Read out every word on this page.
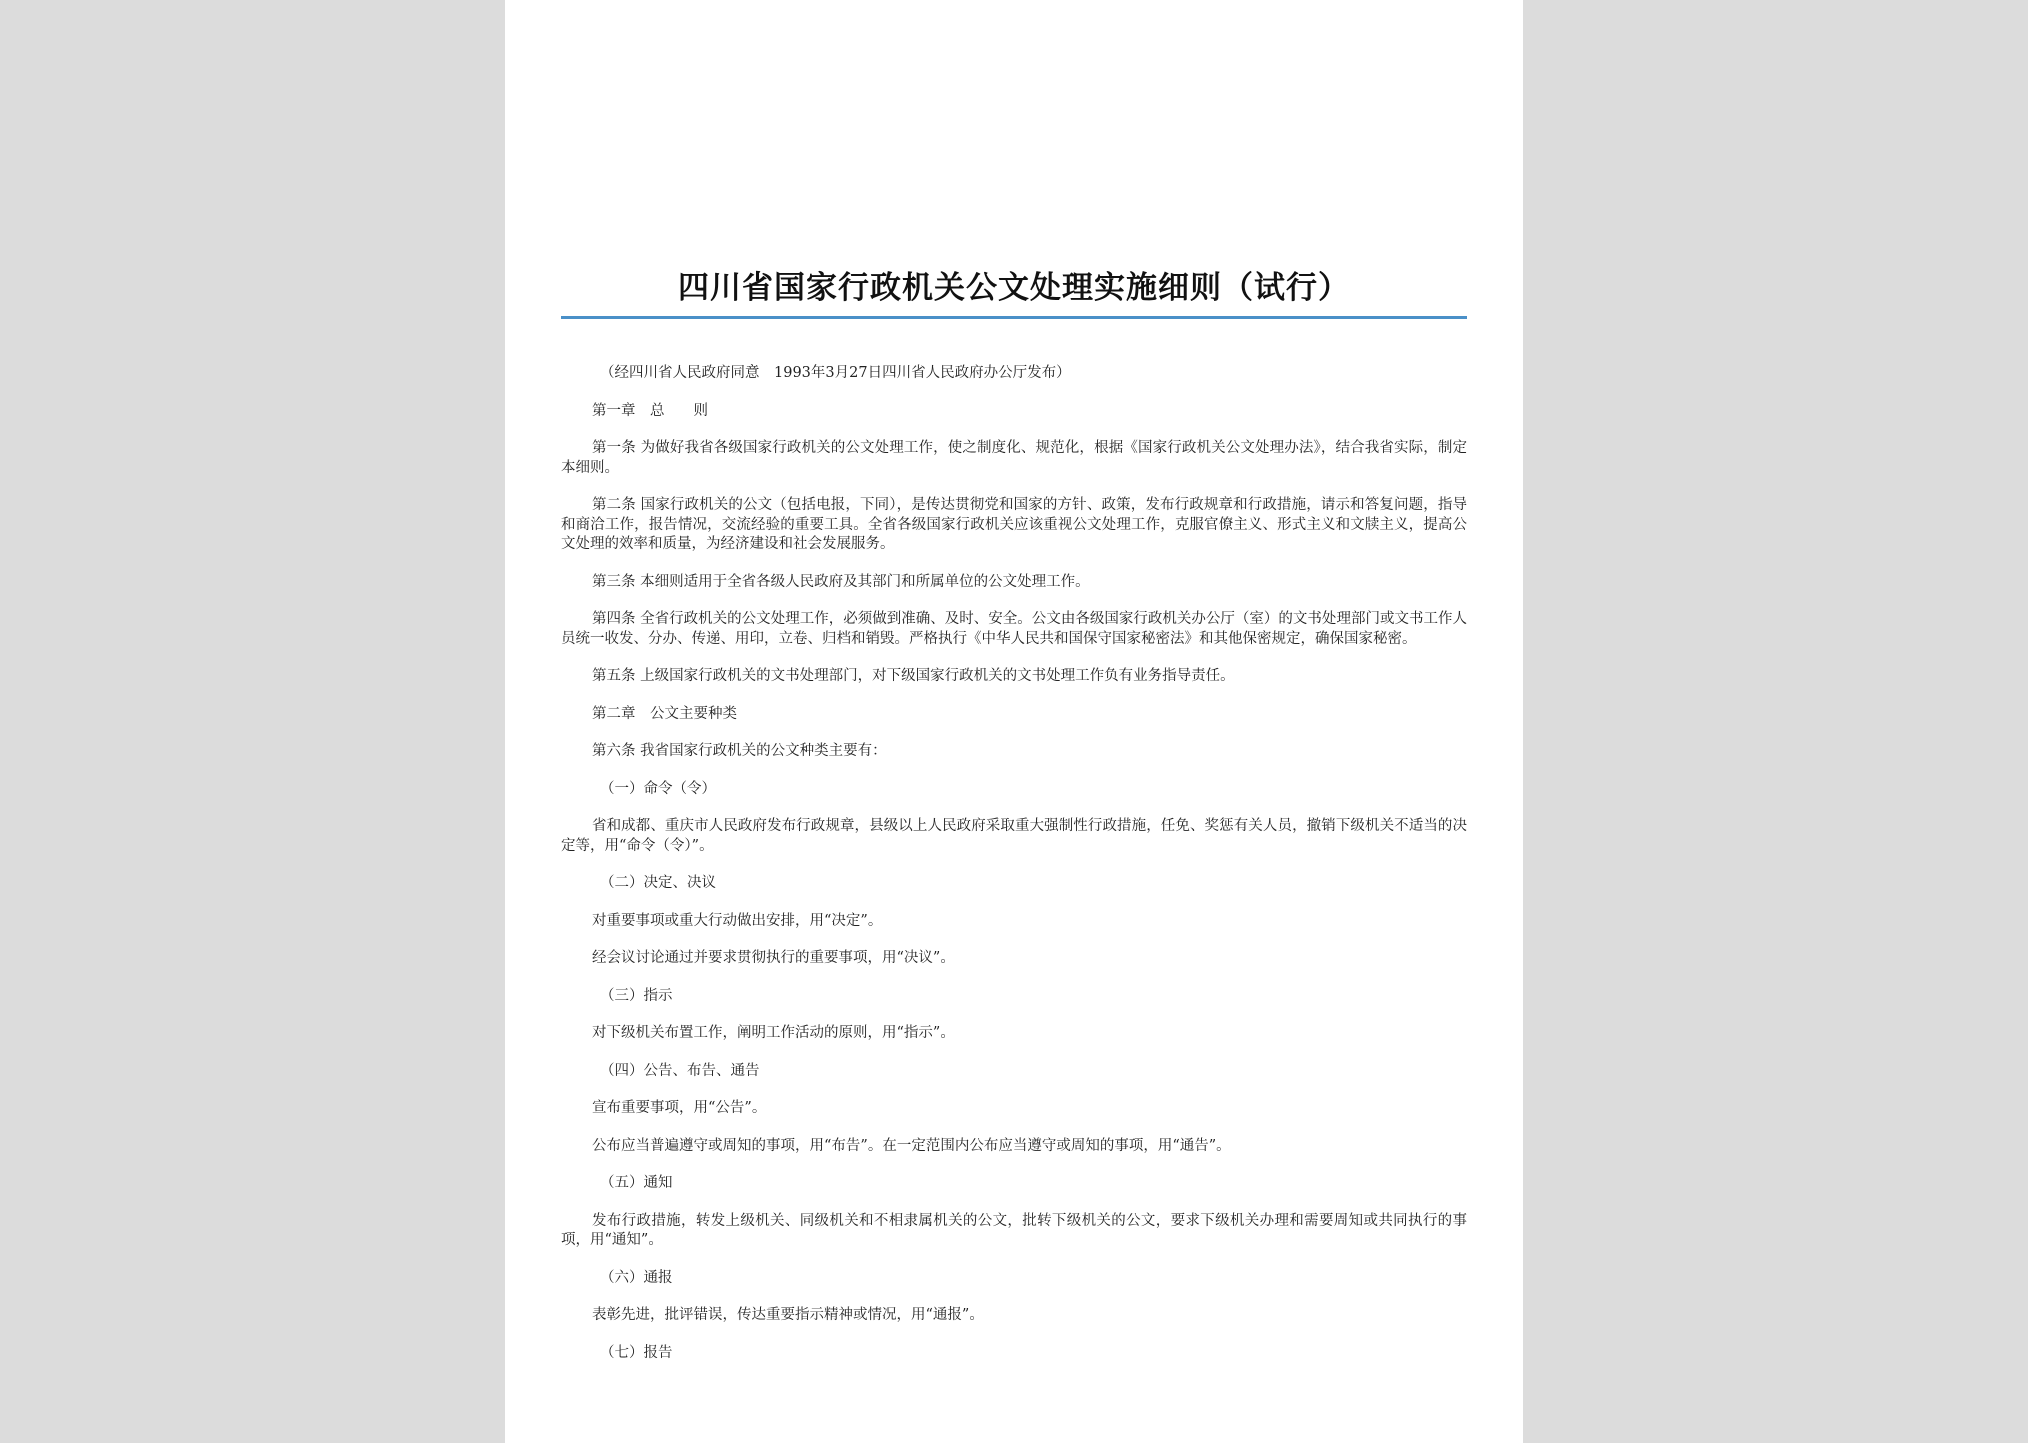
四川省国家行政机关公文处理实施细则（试行）

（经四川省人民政府同意　1993年3月27日四川省人民政府办公厅发布）

第一章　总　　则

第一条 为做好我省各级国家行政机关的公文处理工作，使之制度化、规范化，根据《国家行政机关公文处理办法》，结合我省实际，制定本细则。

第二条 国家行政机关的公文（包括电报，下同），是传达贯彻党和国家的方针、政策，发布行政规章和行政措施，请示和答复问题，指导和商洽工作，报告情况，交流经验的重要工具。全省各级国家行政机关应该重视公文处理工作，克服官僚主义、形式主义和文牍主义，提高公文处理的效率和质量，为经济建设和社会发展服务。

第三条 本细则适用于全省各级人民政府及其部门和所属单位的公文处理工作。

第四条 全省行政机关的公文处理工作，必须做到准确、及时、安全。公文由各级国家行政机关办公厅（室）的文书处理部门或文书工作人员统一收发、分办、传递、用印，立卷、归档和销毁。严格执行《中华人民共和国保守国家秘密法》和其他保密规定，确保国家秘密。

第五条 上级国家行政机关的文书处理部门，对下级国家行政机关的文书处理工作负有业务指导责任。

第二章　公文主要种类

第六条 我省国家行政机关的公文种类主要有：

（一）命令（令）

省和成都、重庆市人民政府发布行政规章，县级以上人民政府采取重大强制性行政措施，任免、奖惩有关人员，撤销下级机关不适当的决定等，用“命令（令）”。

（二）决定、决议

对重要事项或重大行动做出安排，用“决定”。

经会议讨论通过并要求贯彻执行的重要事项，用“决议”。

（三）指示

对下级机关布置工作，阐明工作活动的原则，用“指示”。

（四）公告、布告、通告

宣布重要事项，用“公告”。

公布应当普遍遵守或周知的事项，用“布告”。在一定范围内公布应当遵守或周知的事项，用“通告”。

（五）通知

发布行政措施，转发上级机关、同级机关和不相隶属机关的公文，批转下级机关的公文，要求下级机关办理和需要周知或共同执行的事项，用“通知”。

（六）通报

表彰先进，批评错误，传达重要指示精神或情况，用“通报”。

（七）报告
